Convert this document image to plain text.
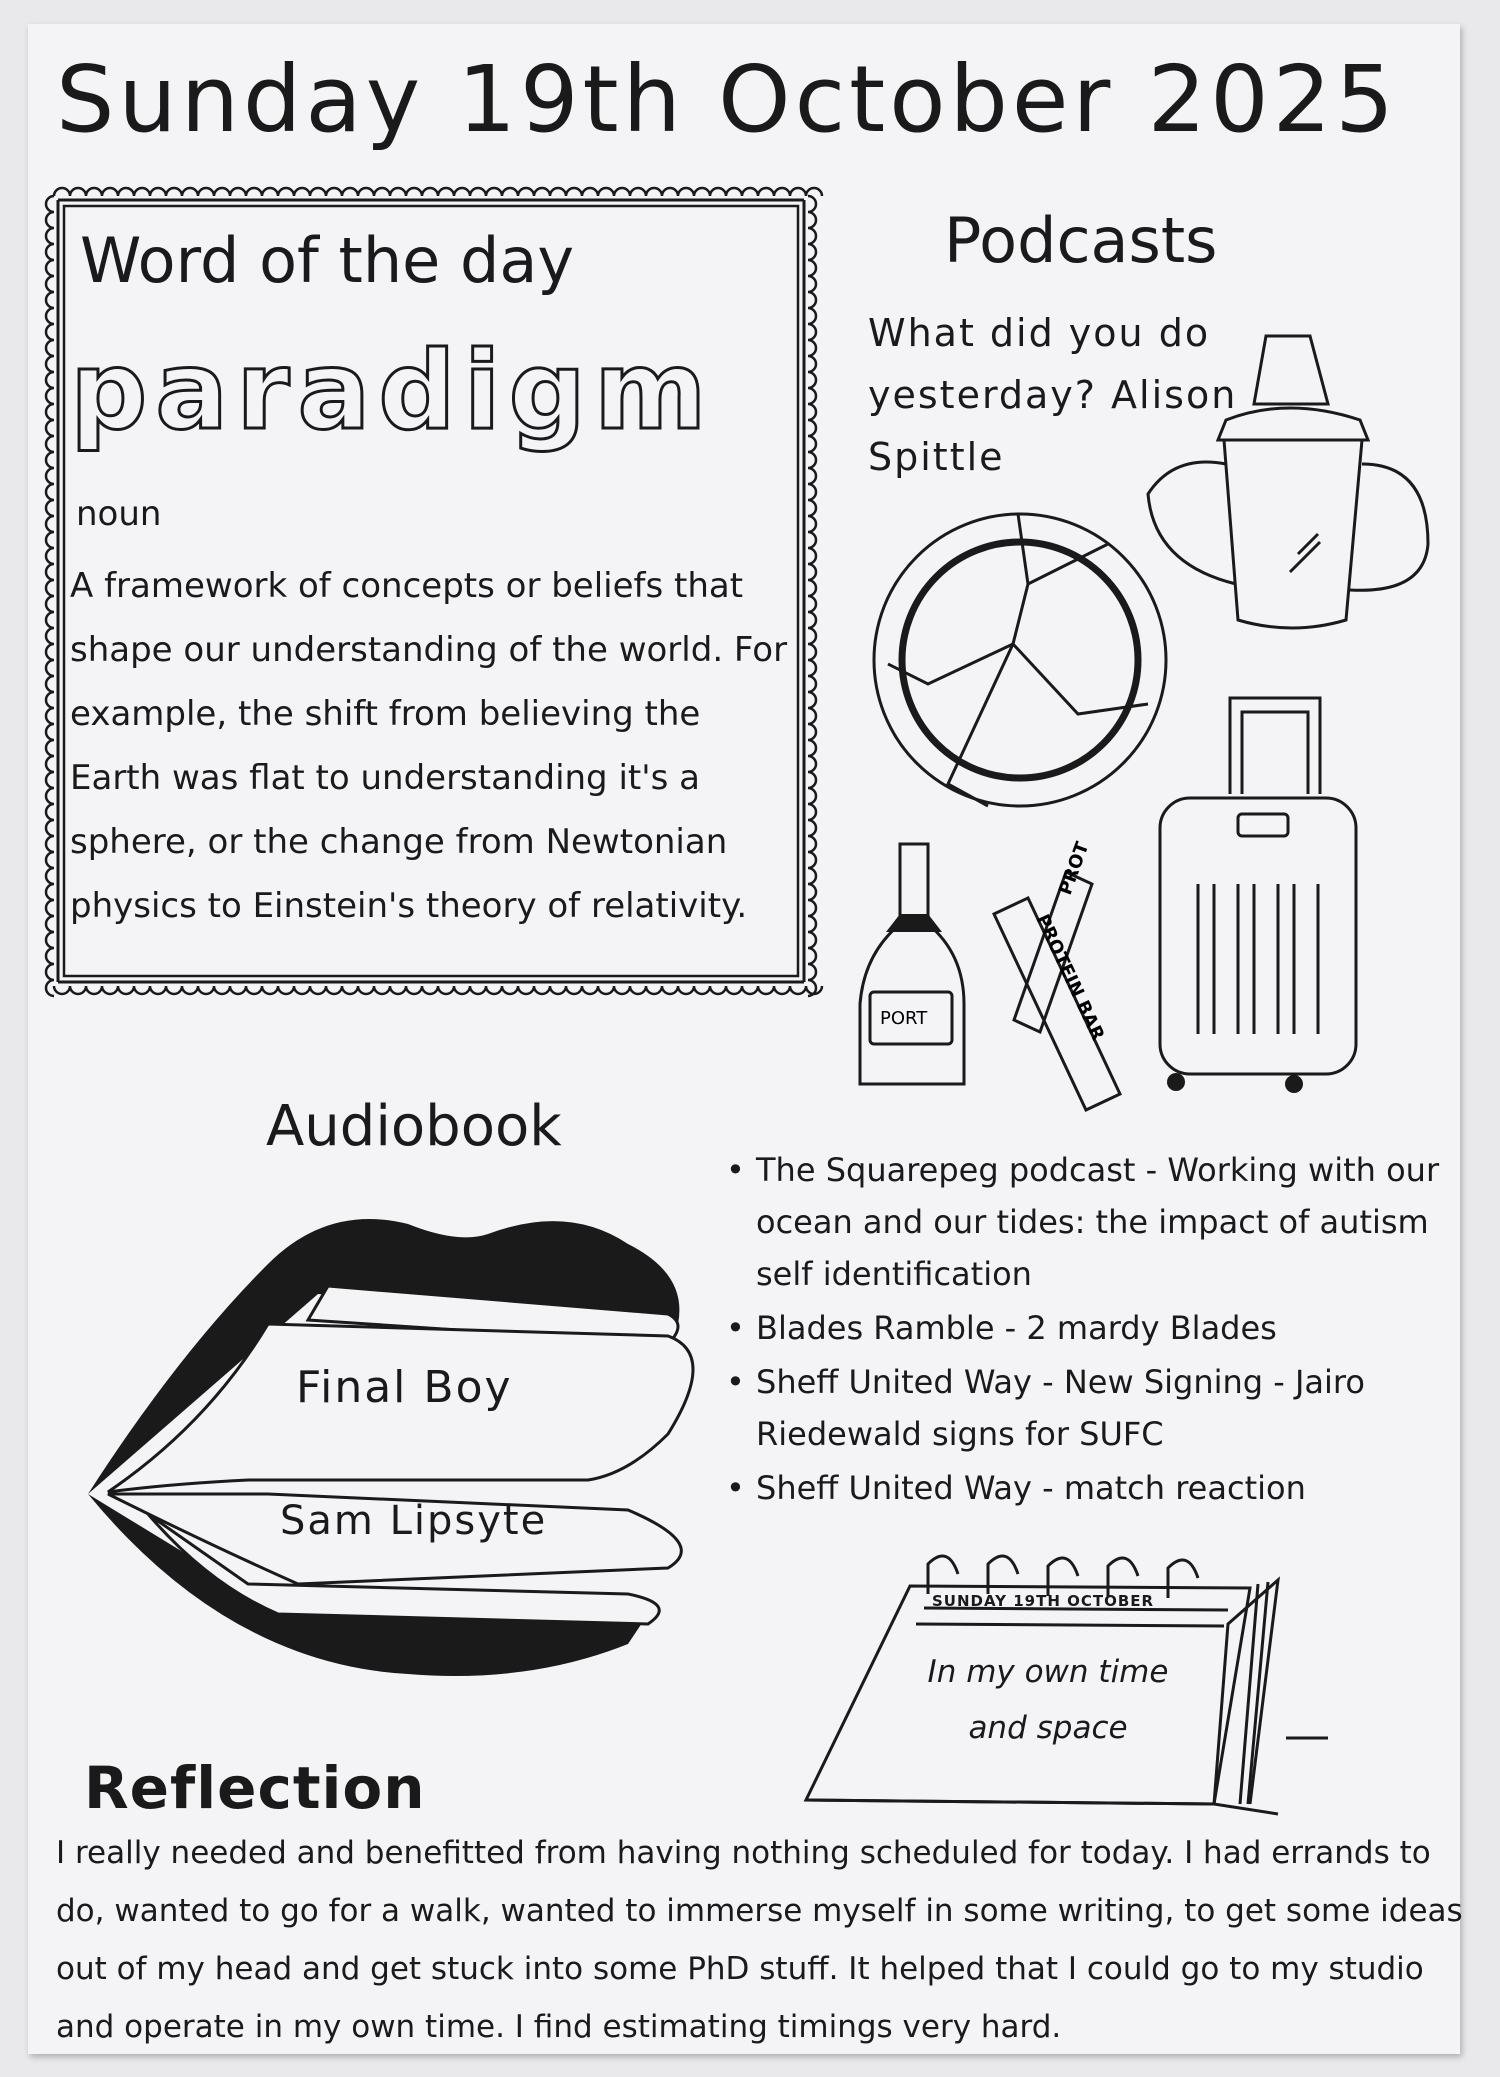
Sunday 19th October 2025
Word of the day
paradigm
noun
A framework of concepts or beliefs that shape our understanding of the world. For example, the shift from believing the Earth was flat to understanding it's a sphere, or the change from Newtonian physics to Einstein's theory of relativity.
Podcasts
What did you do yesterday? Alison Spittle
PORT	PROTEIN BAR
PROT
Audiobook
Final Boy
Sam Lipsyte
• The Squarepeg podcast - Working with our ocean and our tides: the impact of autism self identification
• Blades Ramble - 2 mardy Blades
• Sheff United Way - New Signing - Jairo Riedewald signs for SUFC
• Sheff United Way - match reaction
SUNDAY 19TH OCTOBER
In my own time and space
Reflection
I really needed and benefitted from having nothing scheduled for today. I had errands to do, wanted to go for a walk, wanted to immerse myself in some writing, to get some ideas out of my head and get stuck into some PhD stuff. It helped that I could go to my studio and operate in my own time. I find estimating timings very hard.
